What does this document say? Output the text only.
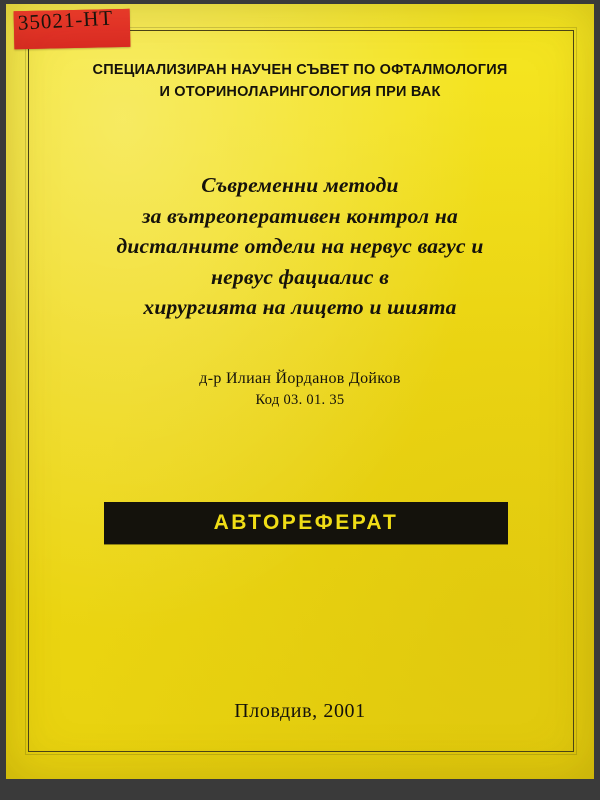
35021-HT
СПЕЦИАЛИЗИРАН НАУЧЕН СЪВЕТ ПО ОФТАЛМОЛОГИЯ
И ОТОРИНОЛАРИНГОЛОГИЯ ПРИ ВАК
Съвременни методи
за вътреоперативен контрол на
дисталните отдели на нервус вагус и
нервус фациалис в
хирургията на лицето и шията
д-р Илиан Йорданов Дойков
Код 03. 01. 35
АВТОРЕФЕРАТ
Пловдив, 2001
